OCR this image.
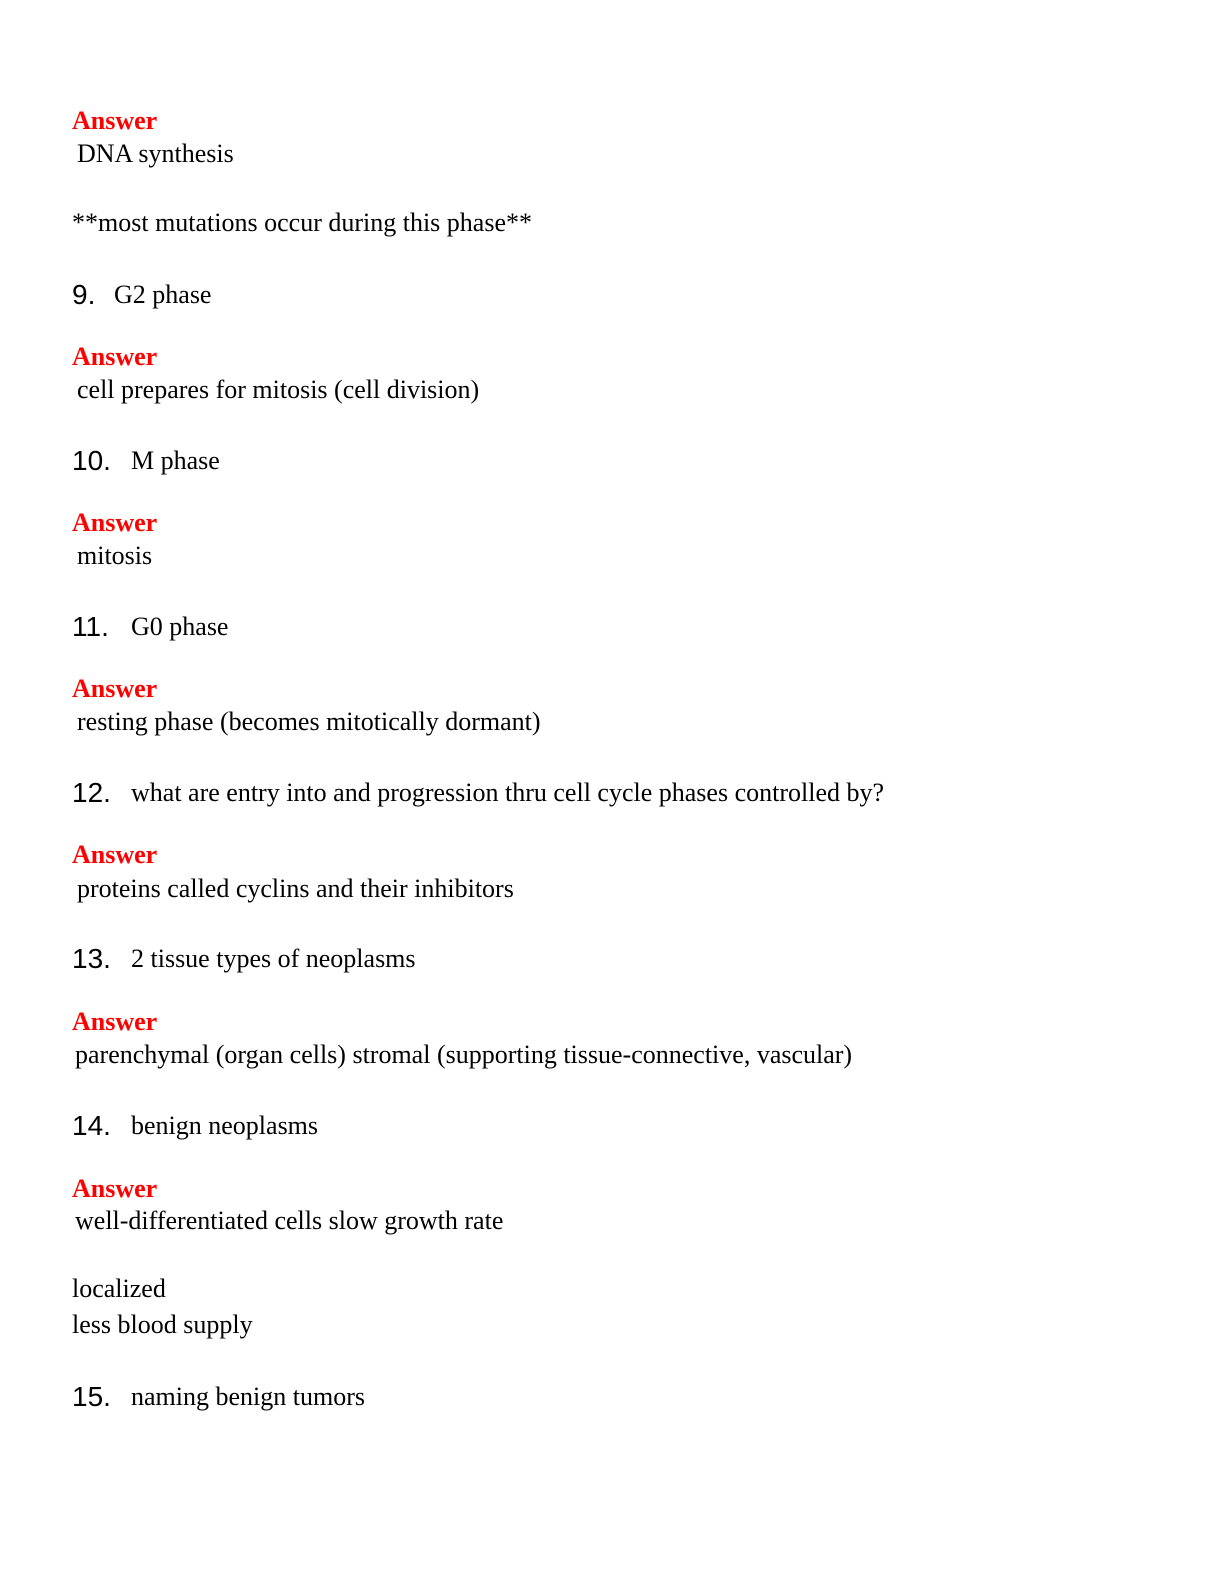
Answer
DNA synthesis
**most mutations occur during this phase**
9. G2 phase
Answer
cell prepares for mitosis (cell division)
10. M phase
Answer
mitosis
11. G0 phase
Answer
resting phase (becomes mitotically dormant)
12. what are entry into and progression thru cell cycle phases controlled by?
Answer
proteins called cyclins and their inhibitors
13. 2 tissue types of neoplasms
Answer
parenchymal (organ cells) stromal (supporting tissue-connective, vascular)
14. benign neoplasms
Answer
well-differentiated cells slow growth rate
localized
less blood supply
15. naming benign tumors
